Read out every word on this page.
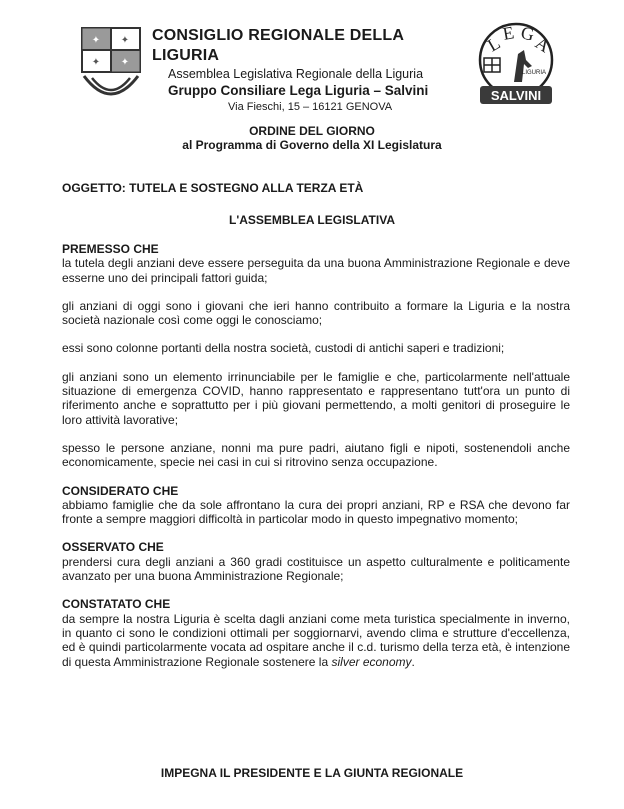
✦ ✦
✦ ✦
CONSIGLIO REGIONALE DELLA LIGURIA
Assemblea Legislativa Regionale della Liguria
Gruppo Consiliare Lega Liguria – Salvini
Via Fieschi, 15 – 16121 GENOVA
L
E G
A
LIGURIA
SALVINI
ORDINE DEL GIORNO
al Programma di Governo della XI Legislatura
OGGETTO: TUTELA E SOSTEGNO ALLA TERZA ETÀ
L'ASSEMBLEA LEGISLATIVA
PREMESSO CHE

la tutela degli anziani deve essere perseguita da una buona Amministrazione Regionale e deve esserne uno dei principali fattori guida;

gli anziani di oggi sono i giovani che ieri hanno contribuito a formare la Liguria e la nostra società nazionale così come oggi le conosciamo;

essi sono colonne portanti della nostra società, custodi di antichi saperi e tradizioni;

gli anziani sono un elemento irrinunciabile per le famiglie e che, particolarmente nell'attuale situazione di emergenza COVID, hanno rappresentato e rappresentano tutt'ora un punto di riferimento anche e soprattutto per i più giovani permettendo, a molti genitori di proseguire le loro attività lavorative;

spesso le persone anziane, nonni ma pure padri, aiutano figli e nipoti, sostenendoli anche economicamente, specie nei casi in cui si ritrovino senza occupazione.

CONSIDERATO CHE

abbiamo famiglie che da sole affrontano la cura dei propri anziani, RP e RSA che devono far fronte a sempre maggiori difficoltà in particolar modo in questo impegnativo momento;

OSSERVATO CHE

prendersi cura degli anziani a 360 gradi costituisce un aspetto culturalmente e politicamente avanzato per una buona Amministrazione Regionale;

CONSTATATO CHE

da sempre la nostra Liguria è scelta dagli anziani come meta turistica specialmente in inverno, in quanto ci sono le condizioni ottimali per soggiornarvi, avendo clima e strutture d'eccellenza, ed è quindi particolarmente vocata ad ospitare anche il c.d. turismo della terza età, è intenzione di questa Amministrazione Regionale sostenere la silver economy.

IMPEGNA IL PRESIDENTE E LA GIUNTA REGIONALE
